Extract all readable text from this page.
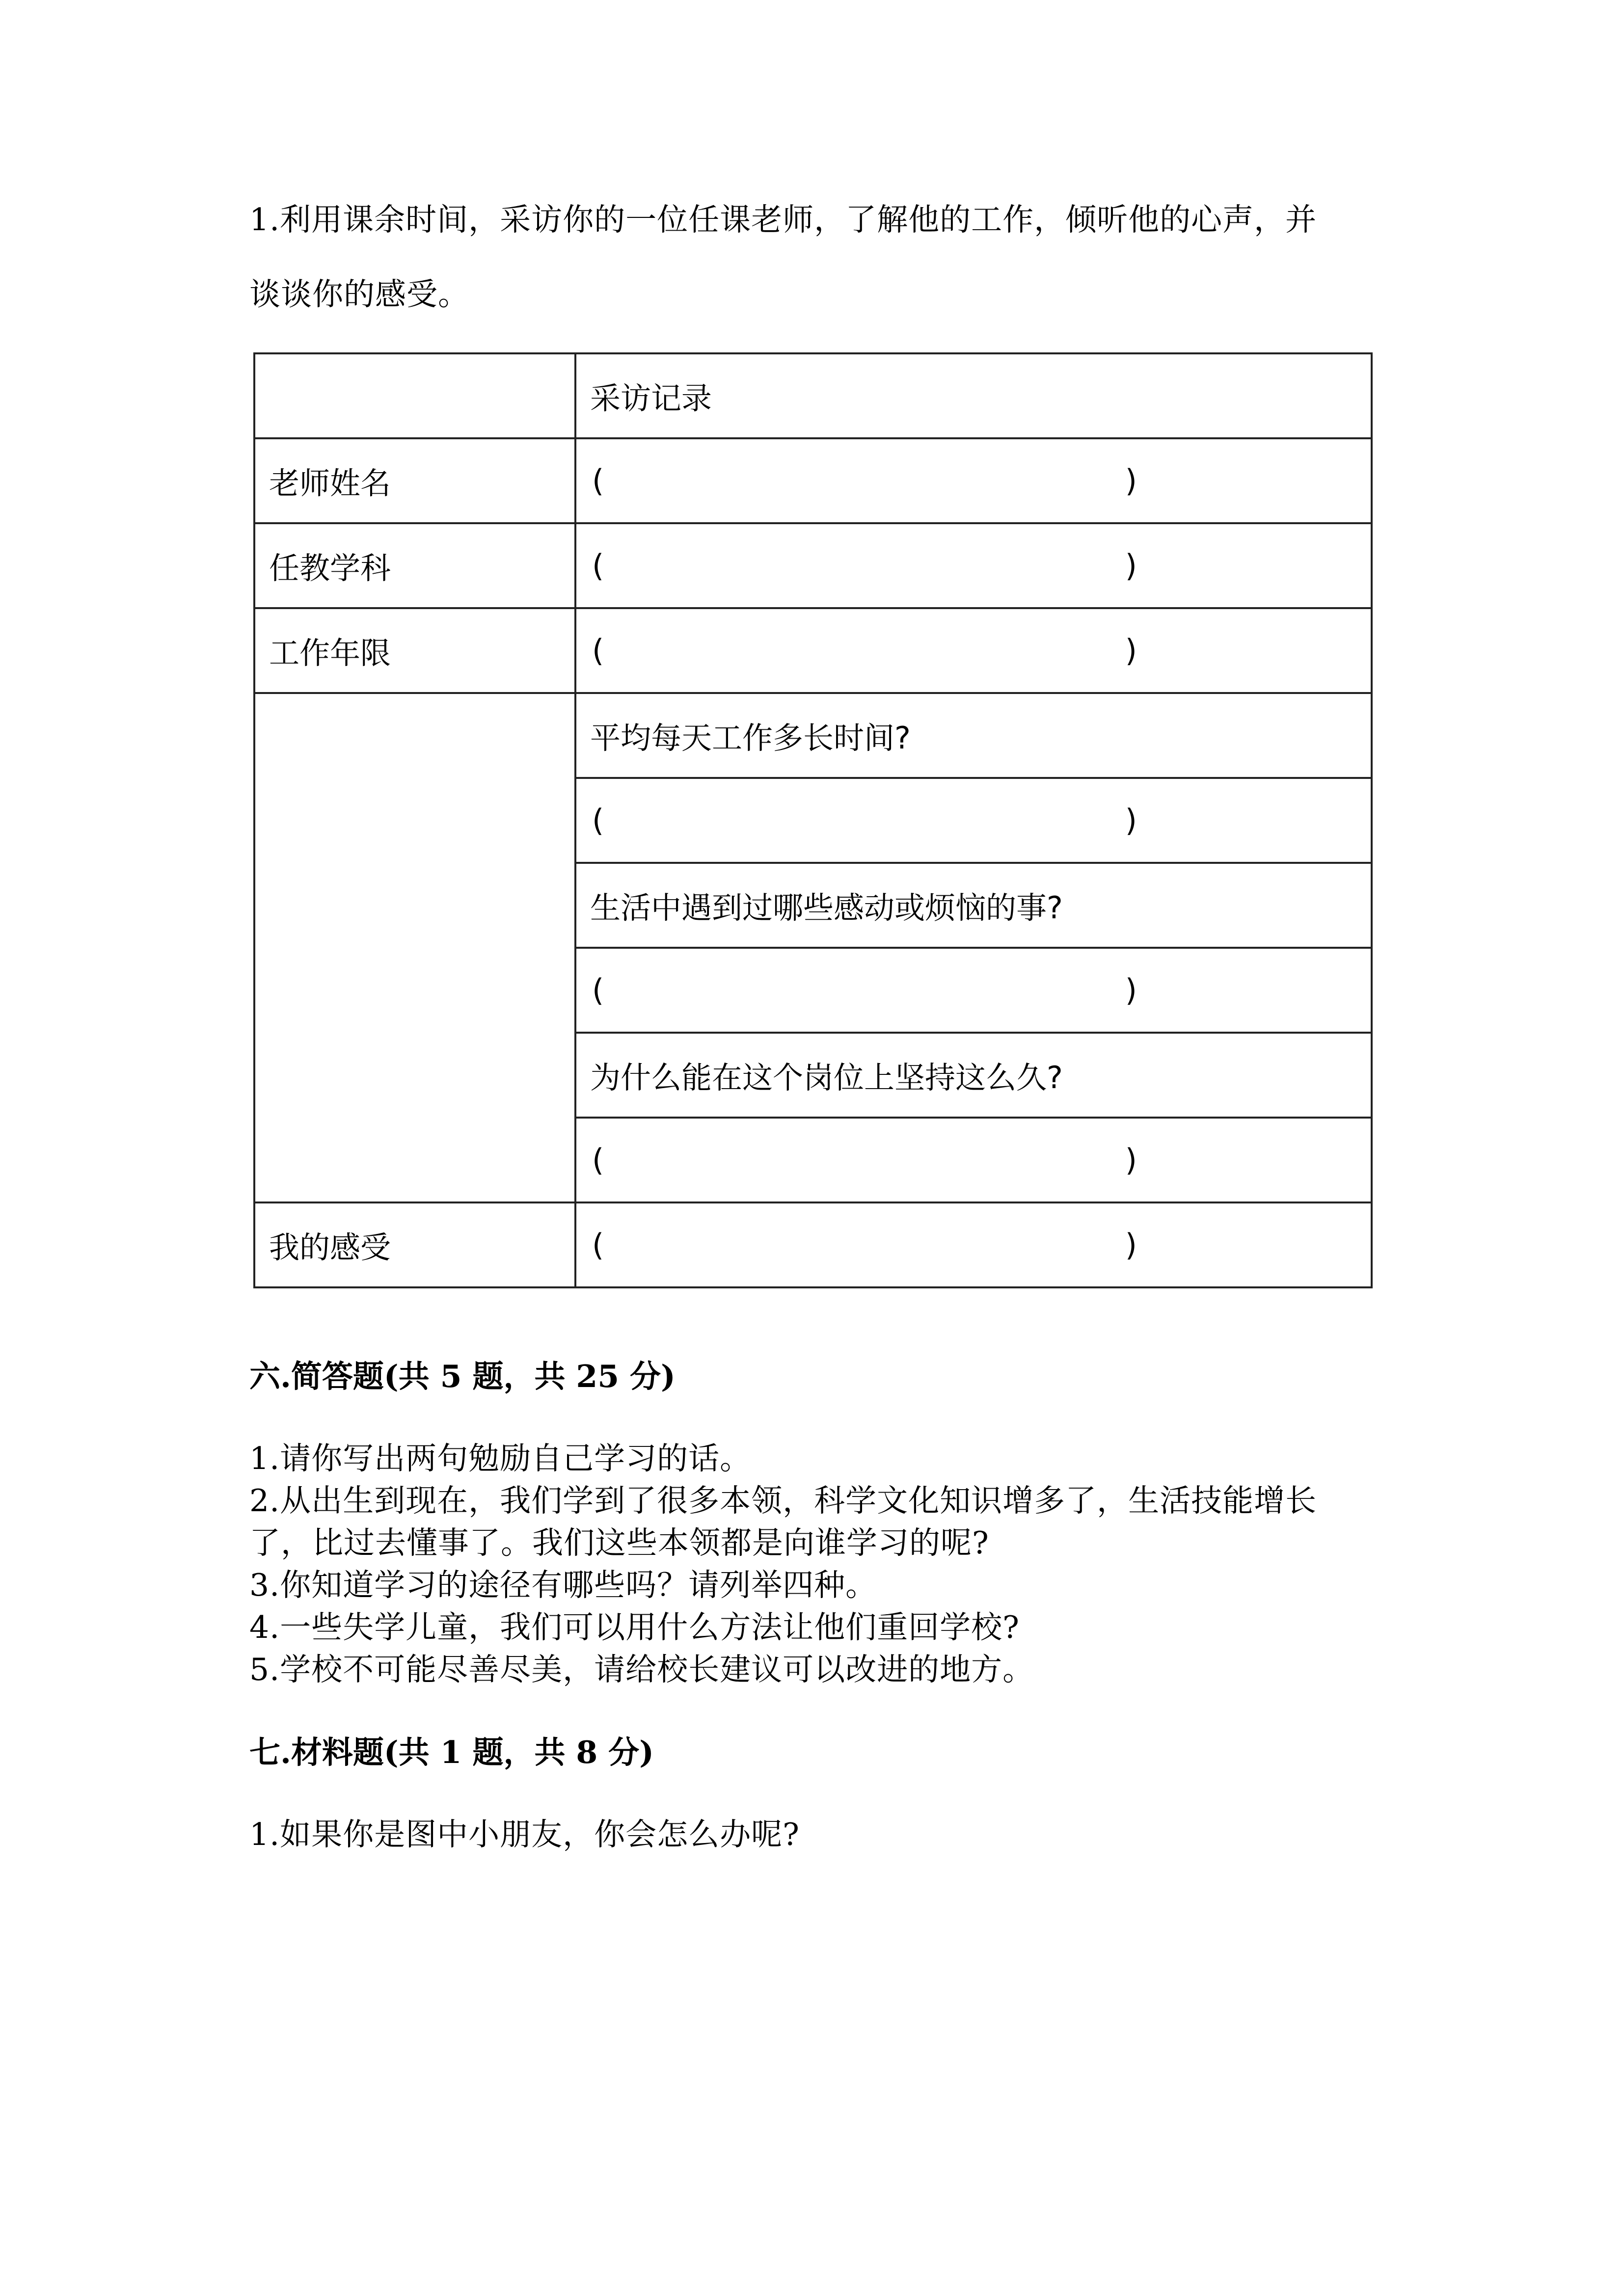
1.利用课余时间，采访你的一位任课老师，了解他的工作，倾听他的心声，并
谈谈你的感受。
	采访记录
老师姓名	( )

任教学科	( )

工作年限	( )

	平均每天工作多长时间?

	( )

	生活中遇到过哪些感动或烦恼的事?

	( )

	为什么能在这个岗位上坚持这么久?

	( )

我的感受	( )
六.简答题(共 5 题，共 25 分)
1.请你写出两句勉励自己学习的话。
2.从出生到现在，我们学到了很多本领，科学文化知识增多了，生活技能增长
了，比过去懂事了。我们这些本领都是向谁学习的呢?
3.你知道学习的途径有哪些吗？请列举四种。
4.一些失学儿童，我们可以用什么方法让他们重回学校?
5.学校不可能尽善尽美，请给校长建议可以改进的地方。
七.材料题(共 1 题，共 8 分)
1.如果你是图中小朋友，你会怎么办呢?
